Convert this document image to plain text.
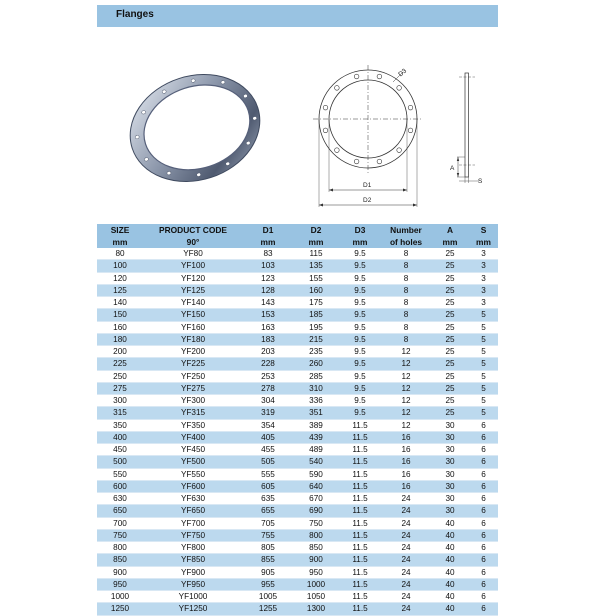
Flanges
D3
D1
D2
A
S
SIZE	PRODUCT CODE	D1	D2	D3	Number	A	S
mm	90°	mm	mm	mm	of holes	mm	mm
80	YF80	83	115	9.5	8	25	3
100	YF100	103	135	9.5	8	25	3
120	YF120	123	155	9.5	8	25	3
125	YF125	128	160	9.5	8	25	3
140	YF140	143	175	9.5	8	25	3
150	YF150	153	185	9.5	8	25	5
160	YF160	163	195	9.5	8	25	5
180	YF180	183	215	9.5	8	25	5
200	YF200	203	235	9.5	12	25	5
225	YF225	228	260	9.5	12	25	5
250	YF250	253	285	9.5	12	25	5
275	YF275	278	310	9.5	12	25	5
300	YF300	304	336	9.5	12	25	5
315	YF315	319	351	9.5	12	25	5
350	YF350	354	389	11.5	12	30	6
400	YF400	405	439	11.5	16	30	6
450	YF450	455	489	11.5	16	30	6
500	YF500	505	540	11.5	16	30	6
550	YF550	555	590	11.5	16	30	6
600	YF600	605	640	11.5	16	30	6
630	YF630	635	670	11.5	24	30	6
650	YF650	655	690	11.5	24	30	6
700	YF700	705	750	11.5	24	40	6
750	YF750	755	800	11.5	24	40	6
800	YF800	805	850	11.5	24	40	6
850	YF850	855	900	11.5	24	40	6
900	YF900	905	950	11.5	24	40	6
950	YF950	955	1000	11.5	24	40	6
1000	YF1000	1005	1050	11.5	24	40	6
1250	YF1250	1255	1300	11.5	24	40	6
